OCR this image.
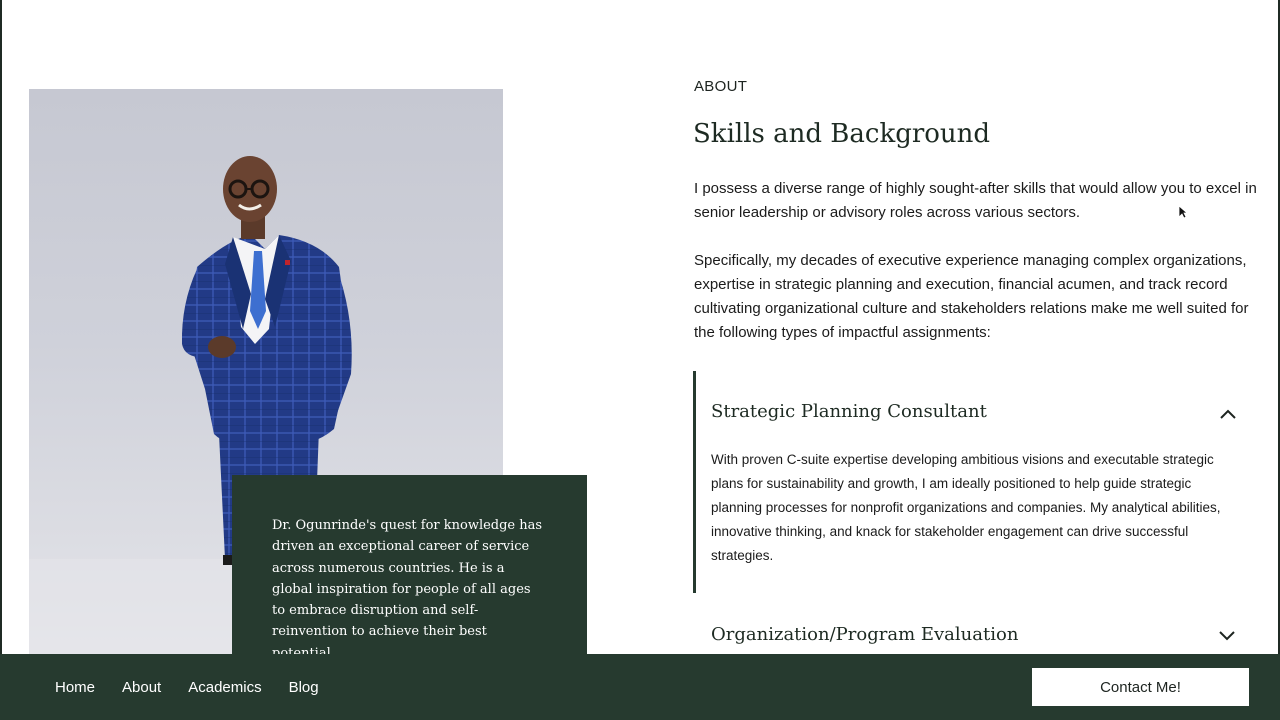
Dr. Ogunrinde's quest for knowledge has driven an exceptional career of service across numerous countries. He is a global inspiration for people of all ages to embrace disruption and self-reinvention to achieve their best

ABOUT
Skills and Background

I possess a diverse range of highly sought-after skills that would allow you to excel in senior leadership or advisory roles across various sectors.

Specifically, my decades of executive experience managing complex organizations, expertise in strategic planning and execution, financial acumen, and track record cultivating organizational culture and stakeholders relations make me well suited for the following types of impactful assignments:

Strategic Planning Consultant

With proven C-suite expertise developing ambitious visions and executable strategic plans for sustainability and growth, I am ideally positioned to help guide strategic planning processes for nonprofit organizations and companies. My analytical abilities, innovative thinking, and knack for stakeholder engagement can drive successful strategies.

Organization/Program Evaluation
Home About Academics Blog	Contact Me!
